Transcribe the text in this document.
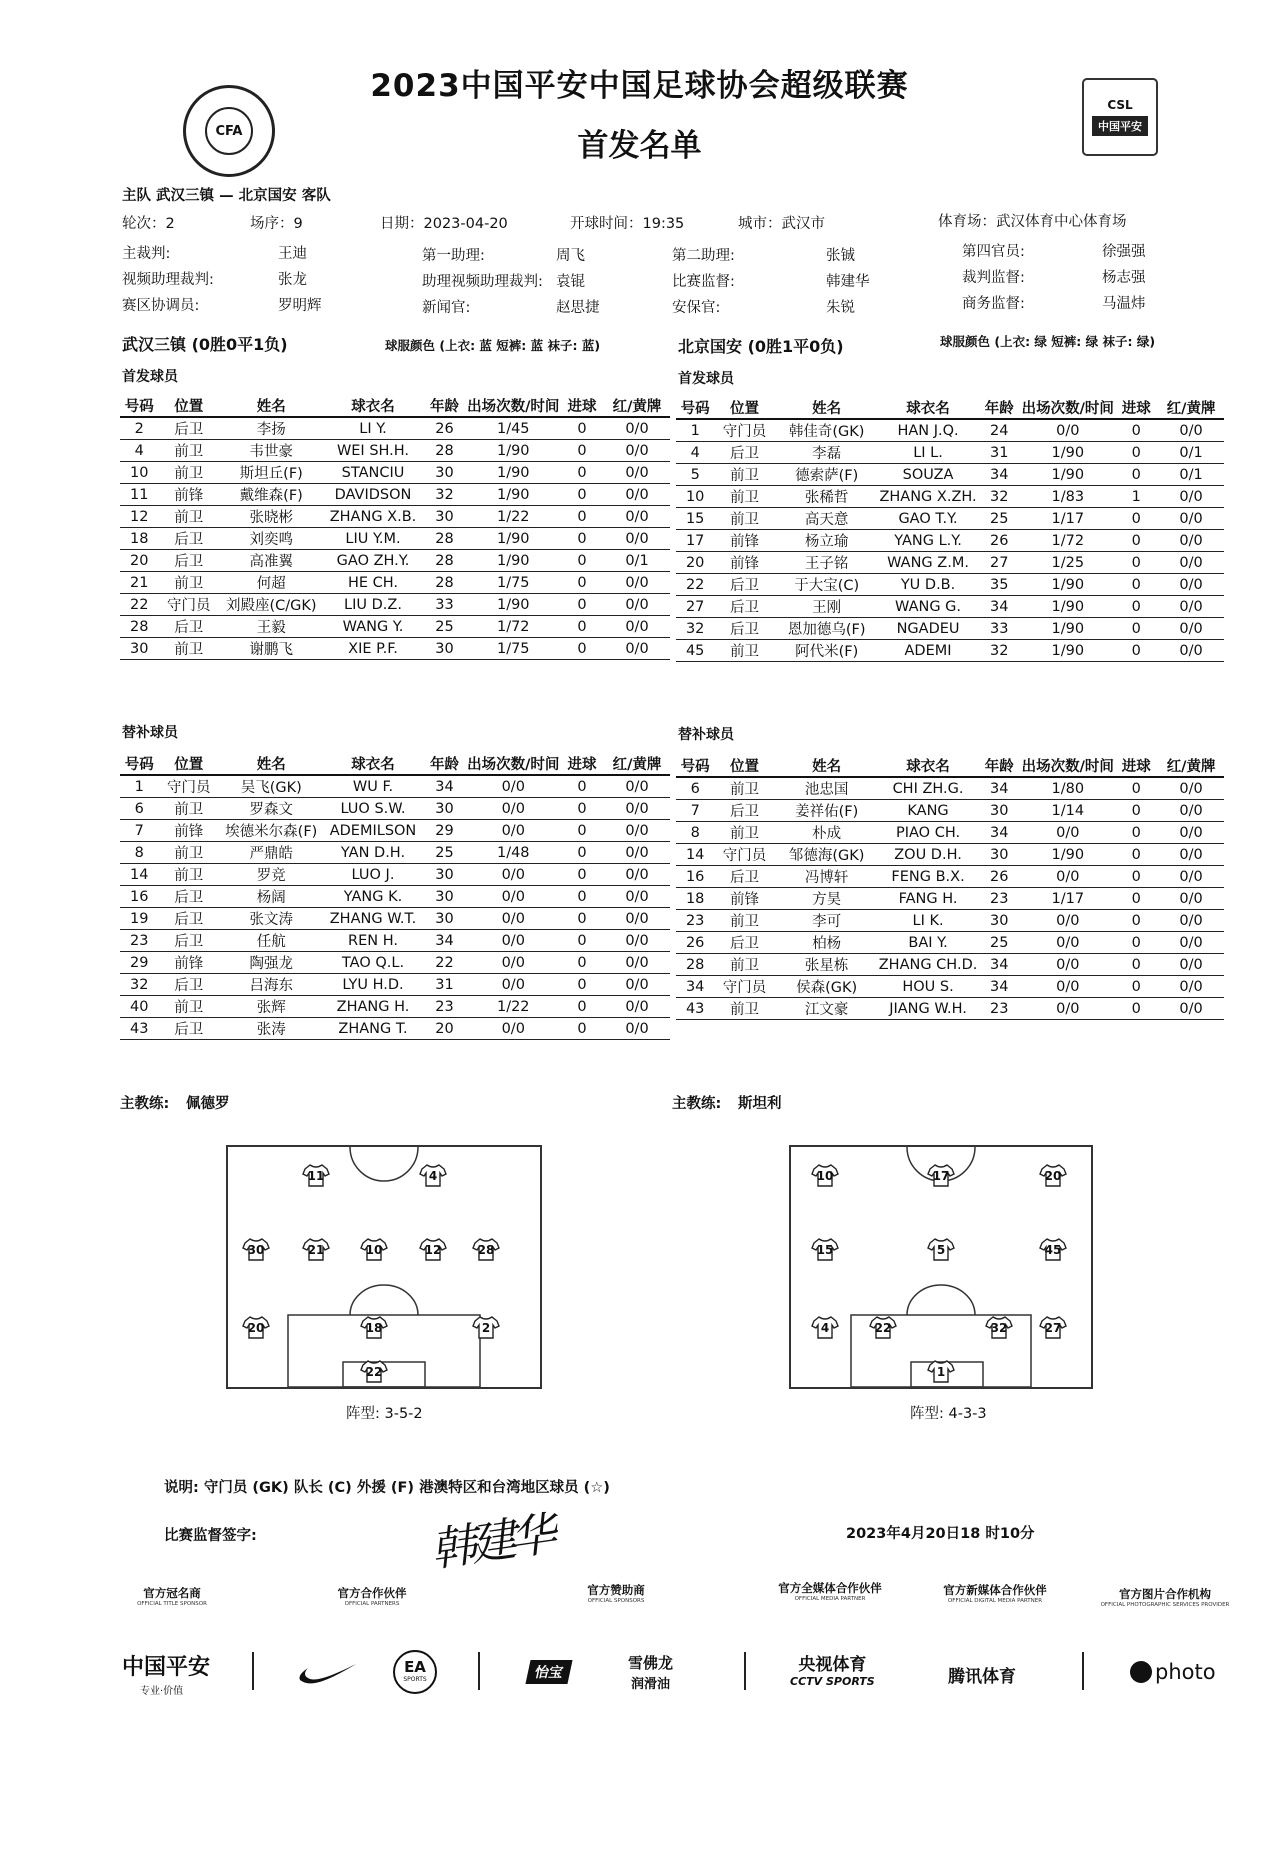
CFA
2023中国平安中国足球协会超级联赛
首发名单
CSL
中国平安
主队 武汉三镇 — 北京国安 客队
轮次：2	场序：9	日期：2023-04-20	开球时间：19:35	城市：武汉市	体育场：武汉体育中心体育场
主裁判:	王迪	第一助理:	周飞	第二助理:	张铖	第四官员:	徐强强
视频助理裁判:	张龙	助理视频助理裁判: 袁锟	比赛监督:	韩建华	裁判监督:	杨志强
赛区协调员:	罗明辉	新闻官:	赵思捷	安保官:	朱锐	商务监督:	马温炜
武汉三镇 (0胜0平1负)	球服颜色 (上衣: 蓝 短裤: 蓝 袜子: 蓝)	北京国安 (0胜1平0负)	球服颜色 (上衣: 绿 短裤: 绿 袜子: 绿)
首发球员	首发球员
号码	位置	姓名	球衣名	年龄	出场次数/时间	进球	红/黄牌
2	后卫	李扬	LI Y.	26	1/45	0	0/0
4	前卫	韦世豪	WEI SH.H.	28	1/90	0	0/0
10	前卫	斯坦丘(F)	STANCIU	30	1/90	0	0/0
11	前锋	戴维森(F)	DAVIDSON	32	1/90	0	0/0
12	前卫	张晓彬	ZHANG X.B.	30	1/22	0	0/0
18	后卫	刘奕鸣	LIU Y.M.	28	1/90	0	0/0
20	后卫	高准翼	GAO ZH.Y.	28	1/90	0	0/1
21	前卫	何超	HE CH.	28	1/75	0	0/0
22	守门员	刘殿座(C/GK)	LIU D.Z.	33	1/90	0	0/0
28	后卫	王毅	WANG Y.	25	1/72	0	0/0
30	前卫	谢鹏飞	XIE P.F.	30	1/75	0	0/0
号码	位置	姓名	球衣名	年龄	出场次数/时间	进球	红/黄牌
1	守门员	韩佳奇(GK)	HAN J.Q.	24	0/0	0	0/0
4	后卫	李磊	LI L.	31	1/90	0	0/1
5	前卫	德索萨(F)	SOUZA	34	1/90	0	0/1
10	前卫	张稀哲	ZHANG X.ZH.	32	1/83	1	0/0
15	前卫	高天意	GAO T.Y.	25	1/17	0	0/0
17	前锋	杨立瑜	YANG L.Y.	26	1/72	0	0/0
20	前锋	王子铭	WANG Z.M.	27	1/25	0	0/0
22	后卫	于大宝(C)	YU D.B.	35	1/90	0	0/0
27	后卫	王刚	WANG G.	34	1/90	0	0/0
32	后卫	恩加德乌(F)	NGADEU	33	1/90	0	0/0
45	前卫	阿代米(F)	ADEMI	32	1/90	0	0/0
替补球员	替补球员
号码	位置	姓名	球衣名	年龄	出场次数/时间	进球	红/黄牌
1	守门员	吴飞(GK)	WU F.	34	0/0	0	0/0
6	前卫	罗森文	LUO S.W.	30	0/0	0	0/0
7	前锋	埃德米尔森(F)	ADEMILSON	29	0/0	0	0/0
8	前卫	严鼎皓	YAN D.H.	25	1/48	0	0/0
14	前卫	罗竞	LUO J.	30	0/0	0	0/0
16	后卫	杨阔	YANG K.	30	0/0	0	0/0
19	后卫	张文涛	ZHANG W.T.	30	0/0	0	0/0
23	后卫	任航	REN H.	34	0/0	0	0/0
29	前锋	陶强龙	TAO Q.L.	22	0/0	0	0/0
32	后卫	吕海东	LYU H.D.	31	0/0	0	0/0
40	前卫	张辉	ZHANG H.	23	1/22	0	0/0
43	后卫	张涛	ZHANG T.	20	0/0	0	0/0
号码	位置	姓名	球衣名	年龄	出场次数/时间	进球	红/黄牌
6	前卫	池忠国	CHI ZH.G.	34	1/80	0	0/0
7	后卫	姜祥佑(F)	KANG	30	1/14	0	0/0
8	前卫	朴成	PIAO CH.	34	0/0	0	0/0
14	守门员	邹德海(GK)	ZOU D.H.	30	1/90	0	0/0
16	后卫	冯博轩	FENG B.X.	26	0/0	0	0/0
18	前锋	方昊	FANG H.	23	1/17	0	0/0
23	前卫	李可	LI K.	30	0/0	0	0/0
26	后卫	柏杨	BAI Y.	25	0/0	0	0/0
28	前卫	张星栋	ZHANG CH.D.	34	0/0	0	0/0
34	守门员	侯森(GK)	HOU S.	34	0/0	0	0/0
43	前卫	江文豪	JIANG W.H.	23	0/0	0	0/0
主教练: 佩德罗	主教练: 斯坦利
11	4
30	21	10	12	28
20	18	2
22
阵型: 3-5-2
10	17	20
15	5	45
4	22	32	27
1
阵型: 4-3-3
说明: 守门员 (GK) 队长 (C) 外援 (F) 港澳特区和台湾地区球员 (☆)
比赛监督签字:	韩建华	2023年4月20日18 时10分
官方冠名商
OFFICIAL TITLE SPONSOR
官方合作伙伴
OFFICIAL PARTNERS
官方赞助商
OFFICIAL SPONSORS
官方全媒体合作伙伴
OFFICIAL MEDIA PARTNER
官方新媒体合作伙伴
OFFICIAL DIGITAL MEDIA PARTNER	官方图片合作机构
OFFICIAL PHOTOGRAPHIC SERVICES PROVIDER
中国平安
专业·价值
EA
SPORTS	怡宝
雪佛龙
润滑油
央视体育
CCTV SPORTS	腾讯体育	photo
